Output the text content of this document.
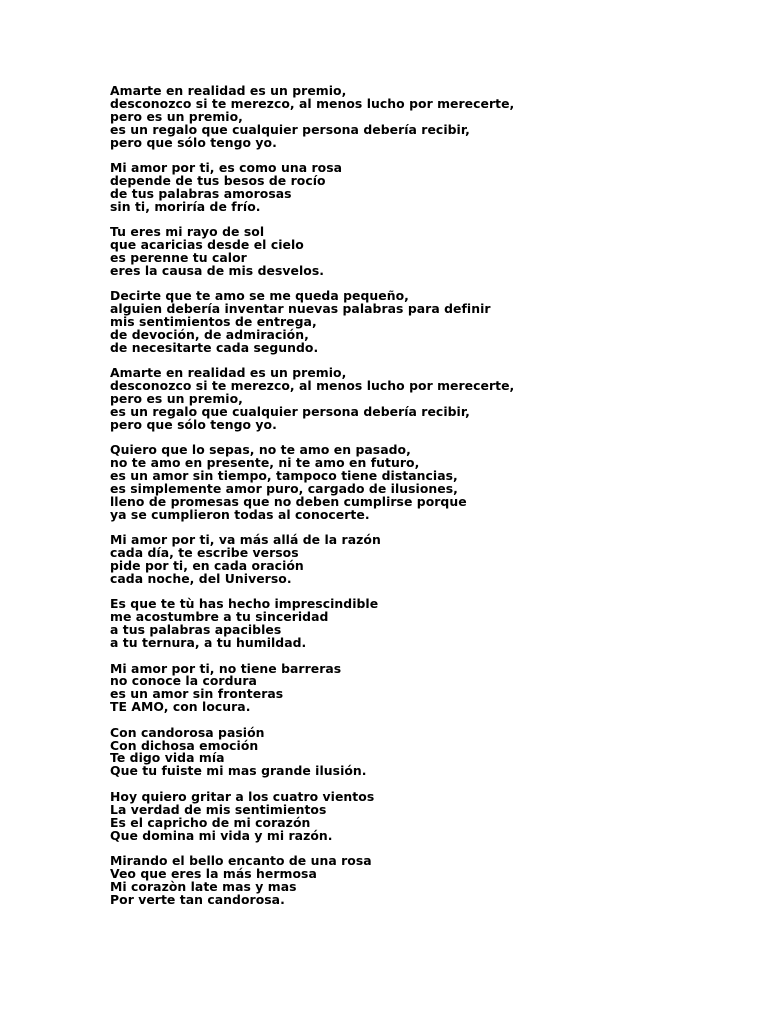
Amarte en realidad es un premio,
desconozco si te merezco, al menos lucho por merecerte,
pero es un premio,
es un regalo que cualquier persona debería recibir,
pero que sólo tengo yo.
Mi amor por ti, es como una rosa
depende de tus besos de rocío
de tus palabras amorosas
sin ti, moriría de frío.
Tu eres mi rayo de sol
que acaricias desde el cielo
es perenne tu calor
eres la causa de mis desvelos.
Decirte que te amo se me queda pequeño,
alguien debería inventar nuevas palabras para definir
mis sentimientos de entrega,
de devoción, de admiración,
de necesitarte cada segundo.
Amarte en realidad es un premio,
desconozco si te merezco, al menos lucho por merecerte,
pero es un premio,
es un regalo que cualquier persona debería recibir,
pero que sólo tengo yo.
Quiero que lo sepas, no te amo en pasado,
no te amo en presente, ni te amo en futuro,
es un amor sin tiempo, tampoco tiene distancias,
es simplemente amor puro, cargado de ilusiones,
lleno de promesas que no deben cumplirse porque
ya se cumplieron todas al conocerte.
Mi amor por ti, va más allá de la razón
cada día, te escribe versos
pide por ti, en cada oración
cada noche, del Universo.
Es que te tù has hecho imprescindible
me acostumbre a tu sinceridad
a tus palabras apacibles
a tu ternura, a tu humildad.
Mi amor por ti, no tiene barreras
no conoce la cordura
es un amor sin fronteras
TE AMO, con locura.
Con candorosa pasión
Con dichosa emoción
Te digo vida mía
Que tu fuiste mi mas grande ilusión.
Hoy quiero gritar a los cuatro vientos
La verdad de mis sentimientos
Es el capricho de mi corazón
Que domina mi vida y mi razón.
Mirando el bello encanto de una rosa
Veo que eres la más hermosa
Mi corazòn late mas y mas
Por verte tan candorosa.
